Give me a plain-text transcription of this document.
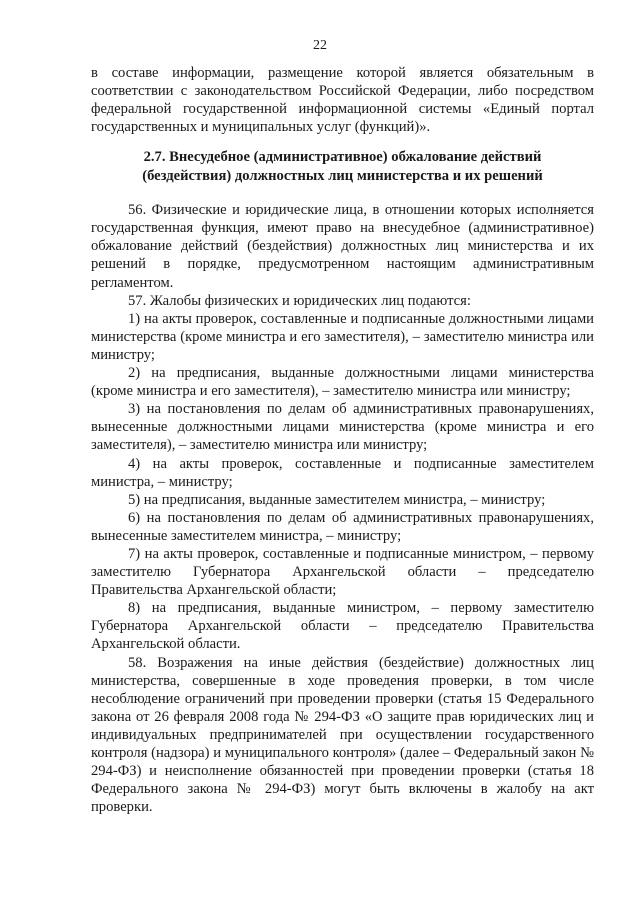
22

в составе информации, размещение которой является обязательным в соответствии с законодательством Российской Федерации, либо посредством федеральной государственной информационной системы «Единый портал государственных и муниципальных услуг (функций)».

2.7. Внесудебное (административное) обжалование действий
(бездействия) должностных лиц министерства и их решений

56. Физические и юридические лица, в отношении которых исполняется государственная функция, имеют право на внесудебное (административное) обжалование действий (бездействия) должностных лиц министерства и их решений в порядке, предусмотренном настоящим административным регламентом.

57. Жалобы физических и юридических лиц подаются:

1) на акты проверок, составленные и подписанные должностными лицами министерства (кроме министра и его заместителя), – заместителю министра или министру;

2) на предписания, выданные должностными лицами министерства (кроме министра и его заместителя), – заместителю министра или министру;

3) на постановления по делам об административных правонарушениях, вынесенные должностными лицами министерства (кроме министра и его заместителя), – заместителю министра или министру;

4) на акты проверок, составленные и подписанные заместителем министра, – министру;

5) на предписания, выданные заместителем министра, – министру;

6) на постановления по делам об административных правонарушениях, вынесенные заместителем министра, – министру;

7) на акты проверок, составленные и подписанные министром, – первому заместителю Губернатора Архангельской области – председателю Правительства Архангельской области;

8) на предписания, выданные министром, – первому заместителю Губернатора Архангельской области – председателю Правительства Архангельской области.

58. Возражения на иные действия (бездействие) должностных лиц министерства, совершенные в ходе проведения проверки, в том числе несоблюдение ограничений при проведении проверки (статья 15 Федерального закона от 26 февраля 2008 года № 294-ФЗ «О защите прав юридических лиц и индивидуальных предпринимателей при осуществлении государственного контроля (надзора) и муниципального контроля» (далее – Федеральный закон № 294-ФЗ) и неисполнение обязанностей при проведении проверки (статья 18 Федерального закона № 294-ФЗ) могут быть включены в жалобу на акт проверки.
